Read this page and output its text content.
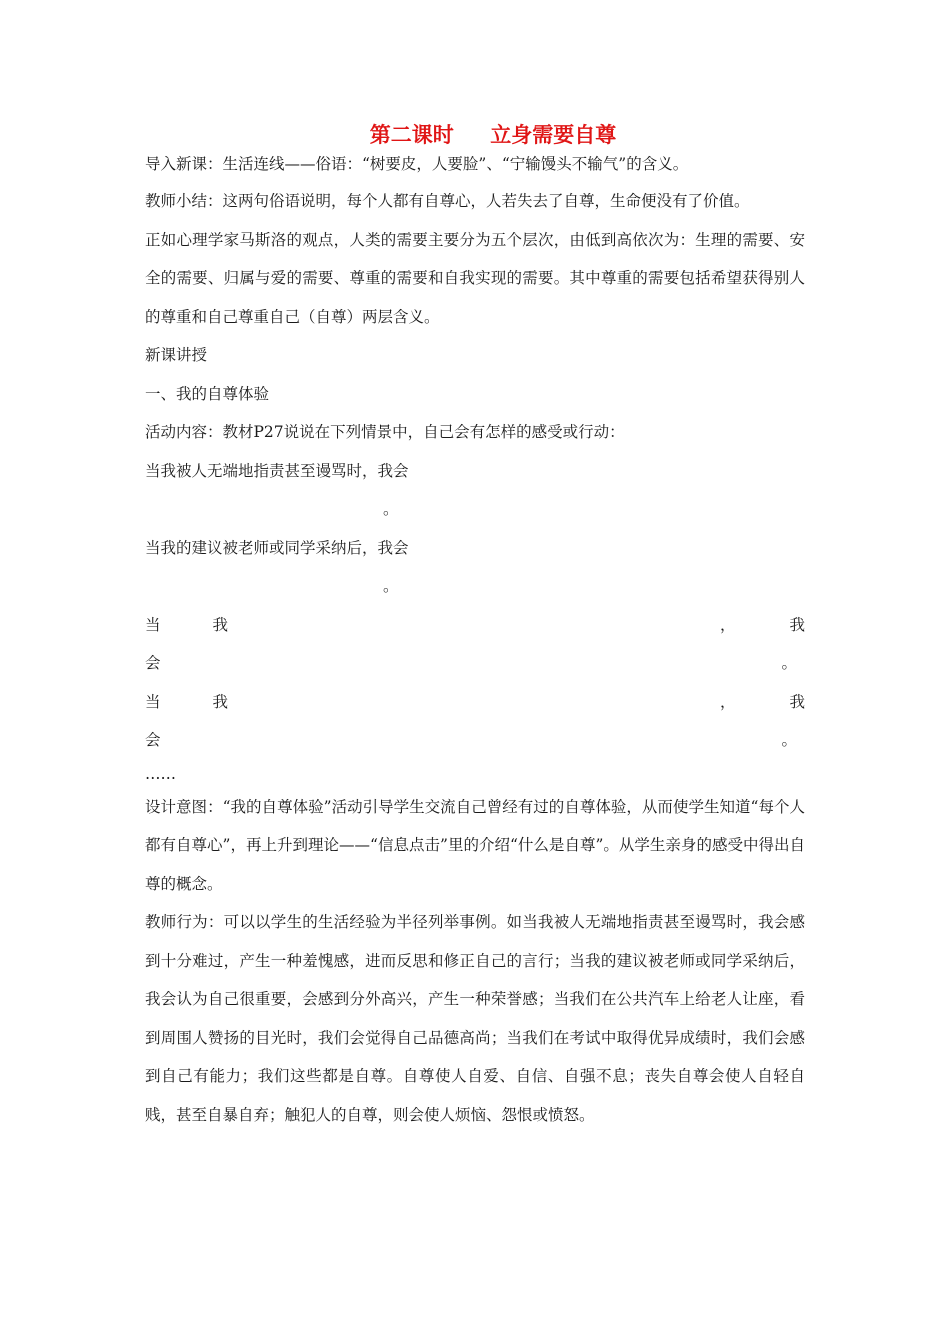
第二课时     立身需要自尊

导入新课：生活连线——俗语：“树要皮，人要脸”、“宁输馒头不输气”的含义。

教师小结：这两句俗语说明，每个人都有自尊心，人若失去了自尊，生命便没有了价值。

正如心理学家马斯洛的观点，人类的需要主要分为五个层次，由低到高依次为：生理的需要、安全的需要、归属与爱的需要、尊重的需要和自我实现的需要。其中尊重的需要包括希望获得别人的尊重和自己尊重自己（自尊）两层含义。

新课讲授

一、我的自尊体验

活动内容：教材P27说说在下列情景中，自己会有怎样的感受或行动：

当我被人无端地指责甚至谩骂时，我会

。

当我的建议被老师或同学采纳后，我会

。
当	我	，	我
会	。
当	我	，	我
会	。

……

设计意图：“我的自尊体验”活动引导学生交流自己曾经有过的自尊体验，从而使学生知道“每个人都有自尊心”，再上升到理论——“信息点击”里的介绍“什么是自尊”。从学生亲身的感受中得出自尊的概念。

教师行为：可以以学生的生活经验为半径列举事例。如当我被人无端地指责甚至谩骂时，我会感到十分难过，产生一种羞愧感，进而反思和修正自己的言行；当我的建议被老师或同学采纳后，我会认为自己很重要，会感到分外高兴，产生一种荣誉感；当我们在公共汽车上给老人让座，看到周围人赞扬的目光时，我们会觉得自己品德高尚；当我们在考试中取得优异成绩时，我们会感到自己有能力；我们这些都是自尊。自尊使人自爱、自信、自强不息；丧失自尊会使人自轻自贱，甚至自暴自弃；触犯人的自尊，则会使人烦恼、怨恨或愤怒。
